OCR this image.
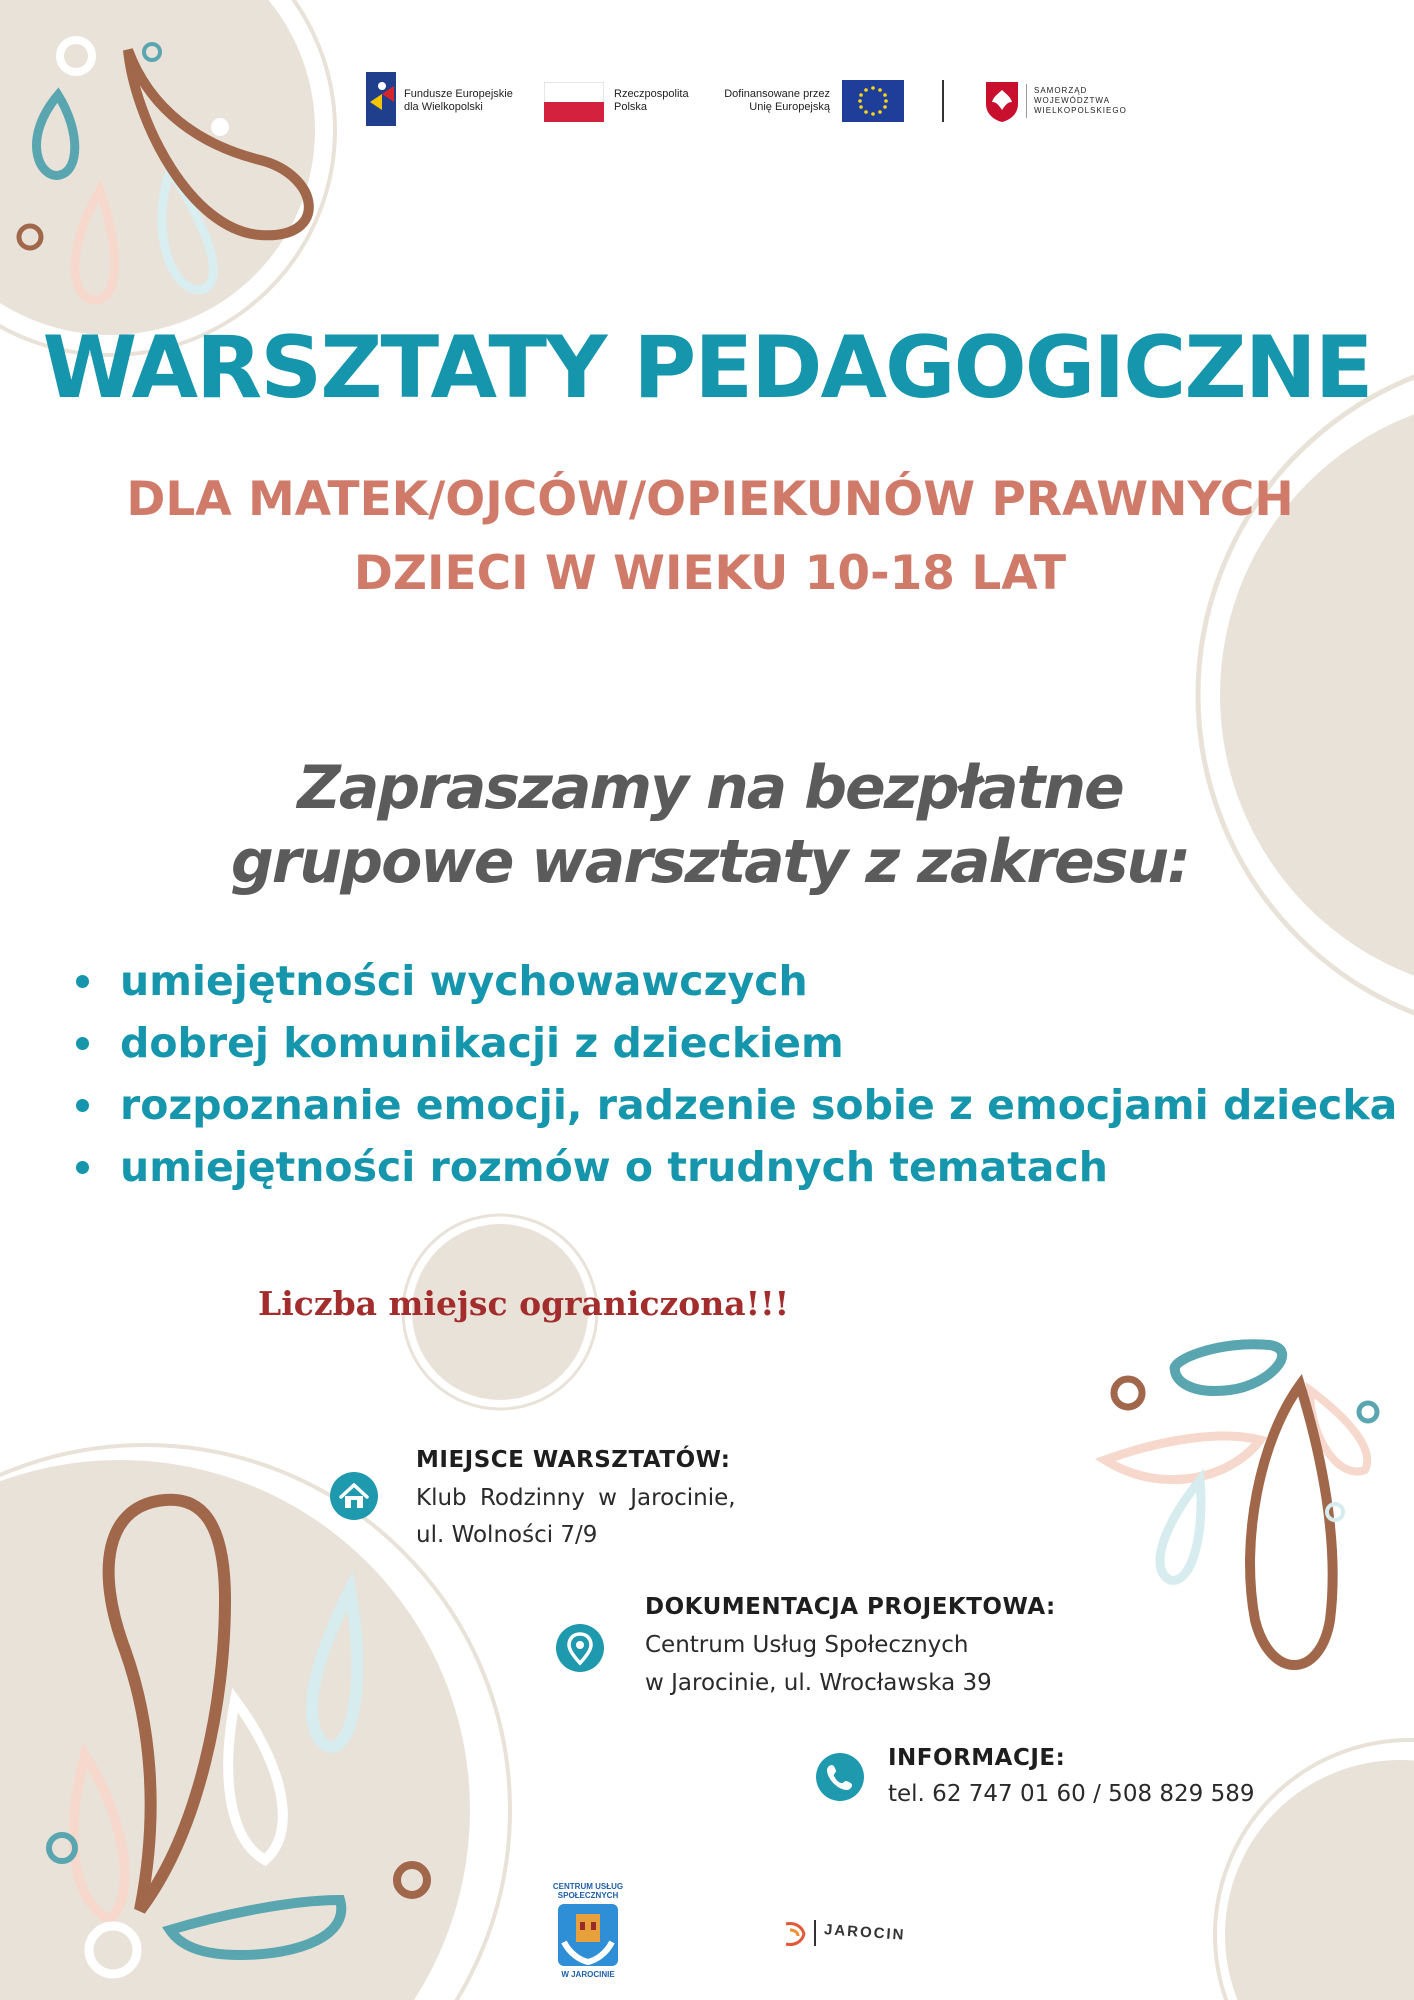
Fundusze Europejskie
dla Wielkopolski
Rzeczpospolita
Polska
Dofinansowane przez
Unię Europejską
SAMORZĄD
WOJEWÓDZTWA
WIELKOPOLSKIEGO
WARSZTATY PEDAGOGICZNE
DLA MATEK/OJCÓW/OPIEKUNÓW PRAWNYCH
DZIECI W WIEKU 10-18 LAT
Zapraszamy na bezpłatne
grupowe warsztaty z zakresu:
umiejętności wychowawczych
dobrej komunikacji z dzieckiem
rozpoznanie emocji, radzenie sobie z emocjami dziecka
umiejętności rozmów o trudnych tematach
Liczba miejsc ograniczona!!!
MIEJSCE WARSZTATÓW:
Klub Rodzinny w Jarocinie,
ul. Wolności 7/9
DOKUMENTACJA PROJEKTOWA:
Centrum Usług Społecznych
w Jarocinie, ul. Wrocławska 39
INFORMACJE:
tel. 62 747 01 60 / 508 829 589
CENTRUM USŁUG
SPOŁECZNYCH
W JAROCINIE
JAROCIN
